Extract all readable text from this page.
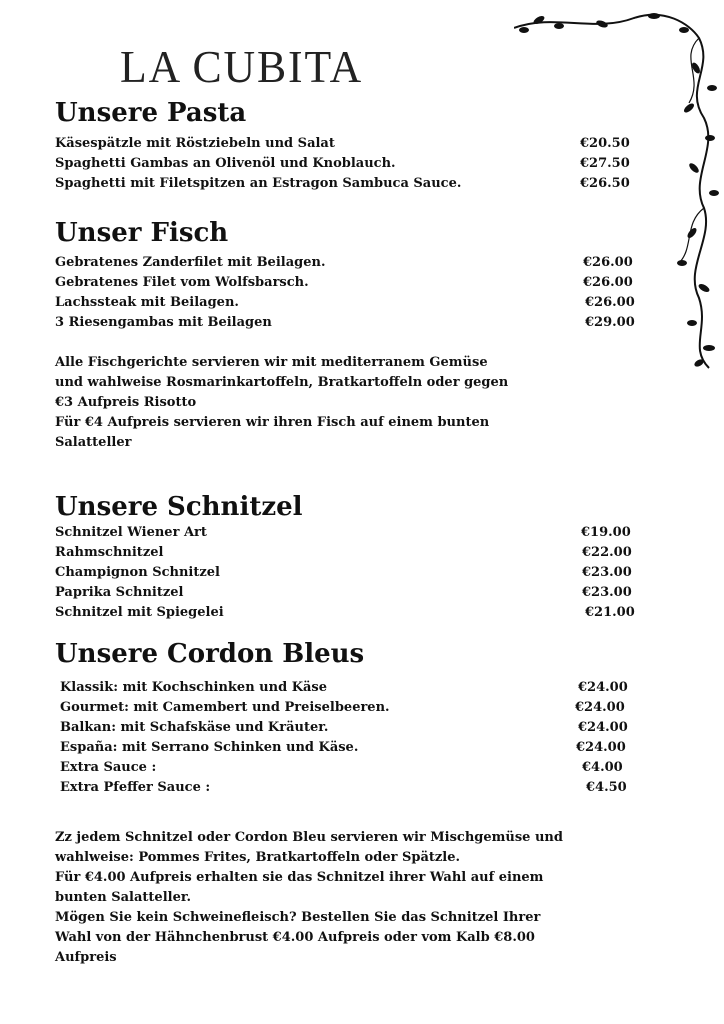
LA CUBITA
Unsere Pasta
Käsespätzle mit Röstziebeln und Salat	€20.50
Spaghetti Gambas an Olivenöl und Knoblauch.	€27.50
Spaghetti mit Filetspitzen an Estragon Sambuca Sauce.	€26.50
Unser Fisch
Gebratenes Zanderfilet mit Beilagen.	€26.00
Gebratenes Filet vom Wolfsbarsch.	€26.00
Lachssteak mit Beilagen.	€26.00
3 Riesengambas mit Beilagen	€29.00
Alle Fischgerichte servieren wir mit mediterranem Gemüse
und wahlweise Rosmarinkartoffeln, Bratkartoffeln oder gegen
€3 Aufpreis Risotto
Für €4 Aufpreis servieren wir ihren Fisch auf einem bunten
Salatteller
Unsere Schnitzel
Schnitzel Wiener Art	€19.00
Rahmschnitzel	€22.00
Champignon Schnitzel	€23.00
Paprika Schnitzel	€23.00
Schnitzel mit Spiegelei	€21.00
Unsere Cordon Bleus
Klassik: mit Kochschinken und Käse	€24.00
Gourmet: mit Camembert und Preiselbeeren.	€24.00
Balkan: mit Schafskäse und Kräuter.	€24.00
España: mit Serrano Schinken und Käse.	€24.00
Extra Sauce :	€4.00
Extra Pfeffer Sauce :	€4.50
Zz jedem Schnitzel oder Cordon Bleu servieren wir Mischgemüse und
wahlweise: Pommes Frites, Bratkartoffeln oder Spätzle.
Für €4.00 Aufpreis erhalten sie das Schnitzel ihrer Wahl auf einem
bunten Salatteller.
Mögen Sie kein Schweinefleisch? Bestellen Sie das Schnitzel Ihrer
Wahl von der Hähnchenbrust €4.00 Aufpreis oder vom Kalb €8.00
Aufpreis
